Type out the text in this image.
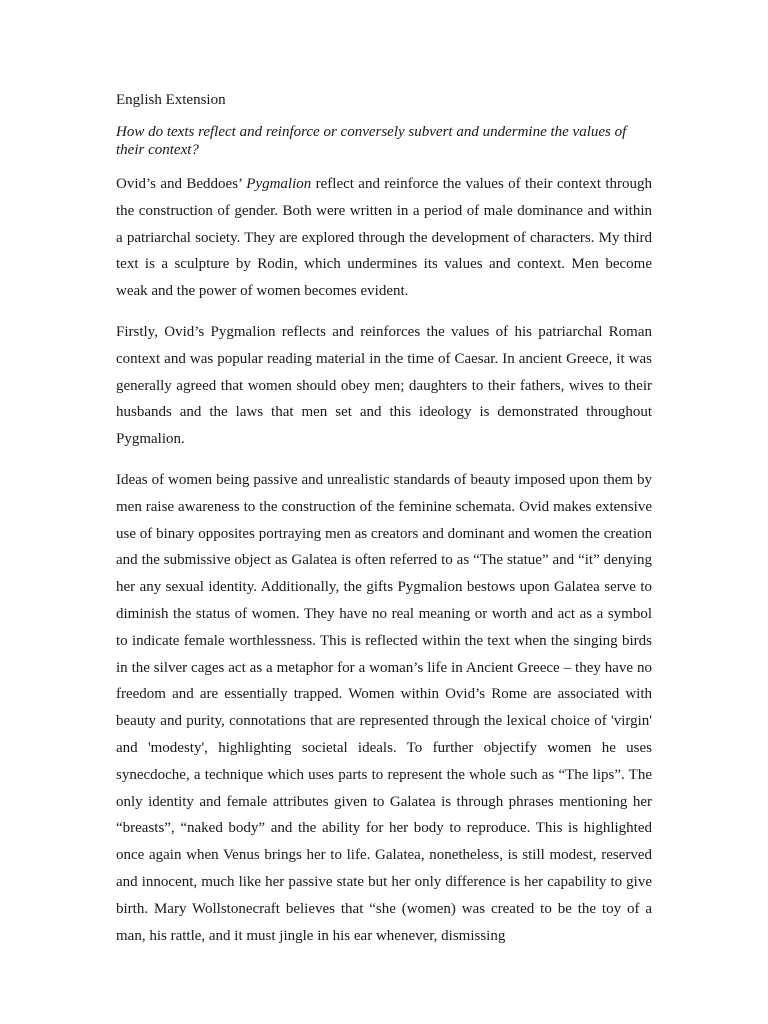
English Extension
How do texts reflect and reinforce or conversely subvert and undermine the values of their context?

Ovid’s and Beddoes’ Pygmalion reflect and reinforce the values of their context through the construction of gender. Both were written in a period of male dominance and within a patriarchal society. They are explored through the development of characters. My third text is a sculpture by Rodin, which undermines its values and context. Men become weak and the power of women becomes evident.

Firstly, Ovid’s Pygmalion reflects and reinforces the values of his patriarchal Roman context and was popular reading material in the time of Caesar. In ancient Greece, it was generally agreed that women should obey men; daughters to their fathers, wives to their husbands and the laws that men set and this ideology is demonstrated throughout Pygmalion.

Ideas of women being passive and unrealistic standards of beauty imposed upon them by men raise awareness to the construction of the feminine schemata. Ovid makes extensive use of binary opposites portraying men as creators and dominant and women the creation and the submissive object as Galatea is often referred to as “The statue” and “it” denying her any sexual identity. Additionally, the gifts Pygmalion bestows upon Galatea serve to diminish the status of women. They have no real meaning or worth and act as a symbol to indicate female worthlessness. This is reflected within the text when the singing birds in the silver cages act as a metaphor for a woman’s life in Ancient Greece – they have no freedom and are essentially trapped. Women within Ovid’s Rome are associated with beauty and purity, connotations that are represented through the lexical choice of 'virgin' and 'modesty', highlighting societal ideals. To further objectify women he uses synecdoche, a technique which uses parts to represent the whole such as “The lips”. The only identity and female attributes given to Galatea is through phrases mentioning her “breasts”, “naked body” and the ability for her body to reproduce. This is highlighted once again when Venus brings her to life. Galatea, nonetheless, is still modest, reserved and innocent, much like her passive state but her only difference is her capability to give birth. Mary Wollstonecraft believes that “she (women) was created to be the toy of a man, his rattle, and it must jingle in his ear whenever, dismissing
